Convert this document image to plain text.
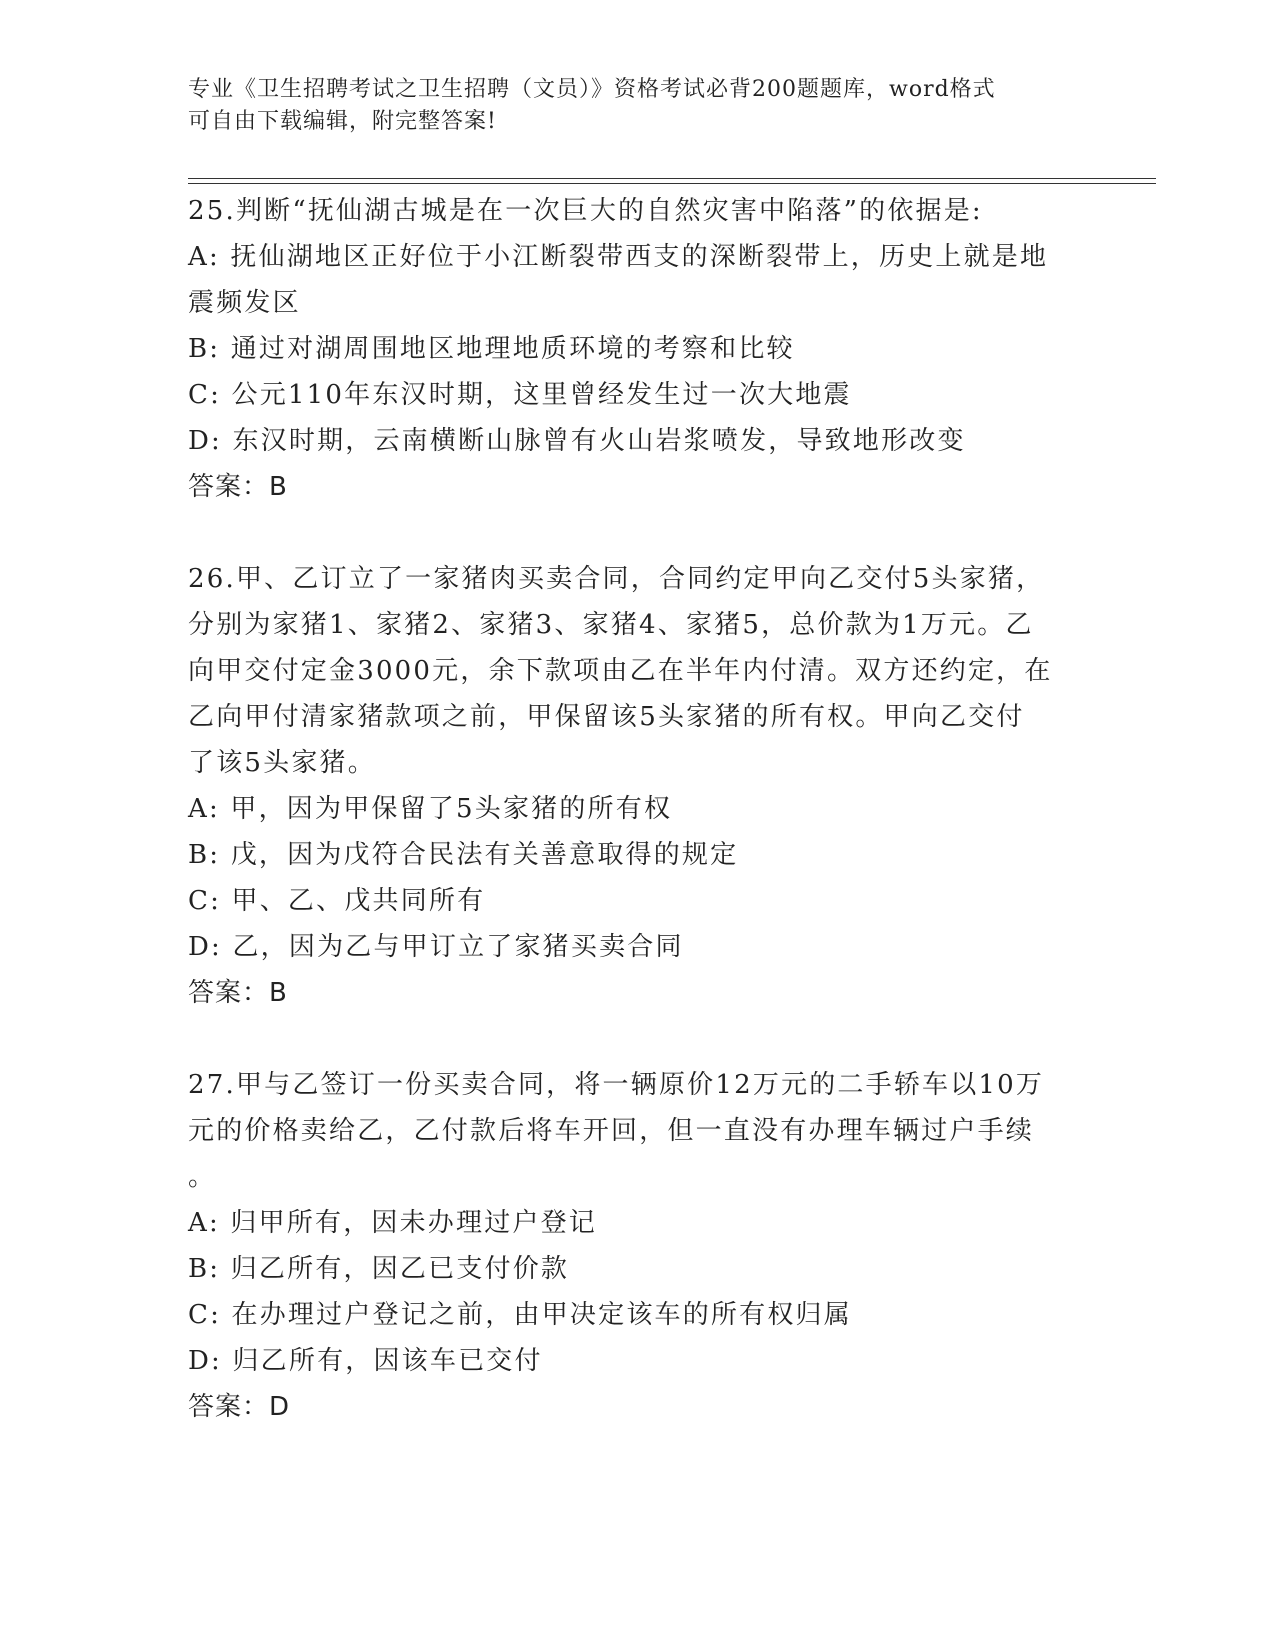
专业《卫生招聘考试之卫生招聘（文员）》资格考试必背200题题库，word格式
可自由下载编辑，附完整答案!
25.判断“抚仙湖古城是在一次巨大的自然灾害中陷落”的依据是:
A: 抚仙湖地区正好位于小江断裂带西支的深断裂带上，历史上就是地
震频发区
B: 通过对湖周围地区地理地质环境的考察和比较
C: 公元110年东汉时期，这里曾经发生过一次大地震
D: 东汉时期，云南横断山脉曾有火山岩浆喷发，导致地形改变
答案：B
26.甲、乙订立了一家猪肉买卖合同，合同约定甲向乙交付5头家猪，
分别为家猪1、家猪2、家猪3、家猪4、家猪5，总价款为1万元。乙
向甲交付定金3000元，余下款项由乙在半年内付清。双方还约定，在
乙向甲付清家猪款项之前，甲保留该5头家猪的所有权。甲向乙交付
了该5头家猪。
A: 甲，因为甲保留了5头家猪的所有权
B: 戊，因为戊符合民法有关善意取得的规定
C: 甲、乙、戊共同所有
D: 乙，因为乙与甲订立了家猪买卖合同
答案：B
27.甲与乙签订一份买卖合同，将一辆原价12万元的二手轿车以10万
元的价格卖给乙，乙付款后将车开回，但一直没有办理车辆过户手续
。
A: 归甲所有，因未办理过户登记
B: 归乙所有，因乙已支付价款
C: 在办理过户登记之前，由甲决定该车的所有权归属
D: 归乙所有，因该车已交付
答案：D
